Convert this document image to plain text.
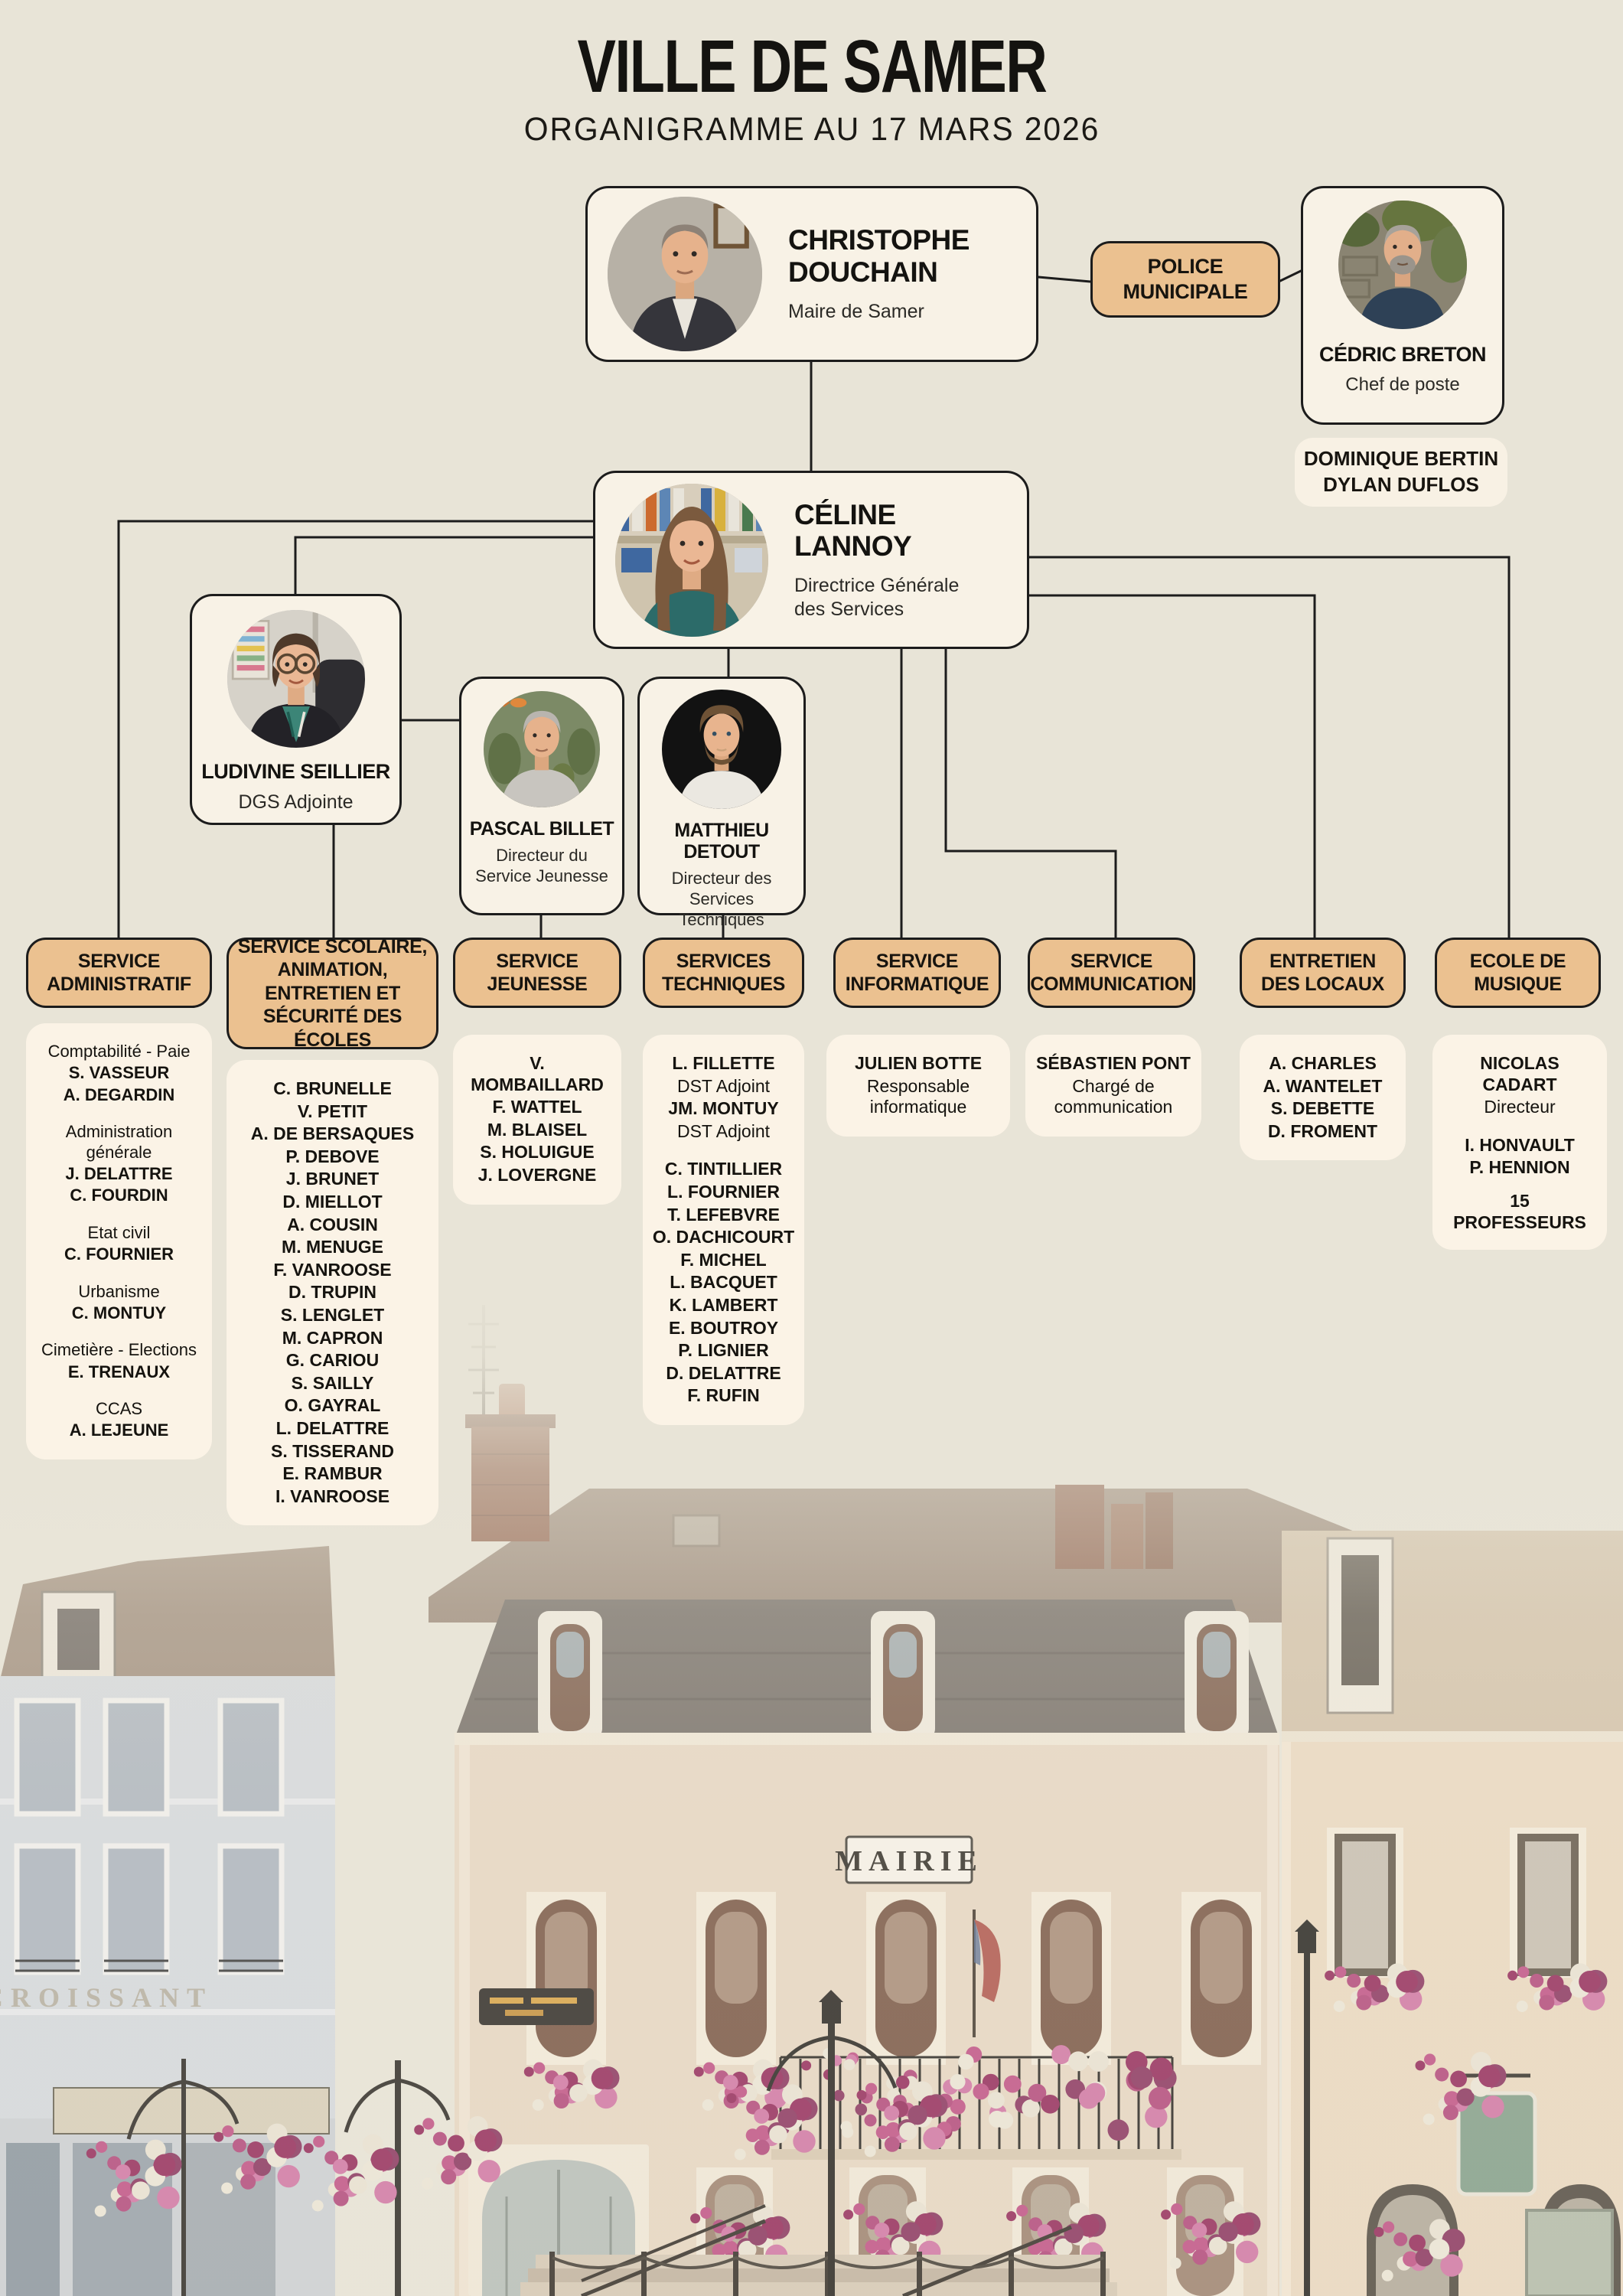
VILLE DE SAMER
ORGANIGRAMME AU 17 MARS 2026
CHRISTOPHE DOUCHAIN
Maire de Samer
POLICE MUNICIPALE
CÉDRIC BRETON
Chef de poste
DOMINIQUE BERTIN
DYLAN DUFLOS
CÉLINE LANNOY
Directrice Générale des Services
LUDIVINE SEILLIER
DGS Adjointe
PASCAL BILLET
Directeur du Service Jeunesse
MATTHIEU DETOUT
Directeur des Services Techniques
SERVICE ADMINISTRATIF
SERVICE SCOLAIRE, ANIMATION, ENTRETIEN ET SÉCURITÉ DES ÉCOLES
SERVICE JEUNESSE
SERVICES TECHNIQUES
SERVICE INFORMATIQUE
SERVICE COMMUNICATION
ENTRETIEN DES LOCAUX
ECOLE DE MUSIQUE
Comptabilité - Paie
S. VASSEUR
A. DEGARDIN
Administration générale
J. DELATTRE
C. FOURDIN
Etat civil
C. FOURNIER
Urbanisme
C. MONTUY
Cimetière - Elections
E. TRENAUX
CCAS
A. LEJEUNE
C. BRUNELLE
V. PETIT
A. DE BERSAQUES
P. DEBOVE
J. BRUNET
D. MIELLOT
A. COUSIN
M. MENUGE
F. VANROOSE
D. TRUPIN
S. LENGLET
M. CAPRON
G. CARIOU
S. SAILLY
O. GAYRAL
L. DELATTRE
S. TISSERAND
E. RAMBUR
I. VANROOSE
V. MOMBAILLARD
F. WATTEL
M. BLAISEL
S. HOLUIGUE
J. LOVERGNE
L. FILLETTE
DST Adjoint
JM. MONTUY
DST Adjoint
C. TINTILLIER
L. FOURNIER
T. LEFEBVRE
O. DACHICOURT
F. MICHEL
L. BACQUET
K. LAMBERT
E. BOUTROY
P. LIGNIER
D. DELATTRE
F. RUFIN
JULIEN BOTTE
Responsable informatique
SÉBASTIEN PONT
Chargé de communication
A. CHARLES
A. WANTELET
S. DEBETTE
D. FROMENT
NICOLAS CADART
Directeur
I. HONVAULT
P. HENNION
15 PROFESSEURS
